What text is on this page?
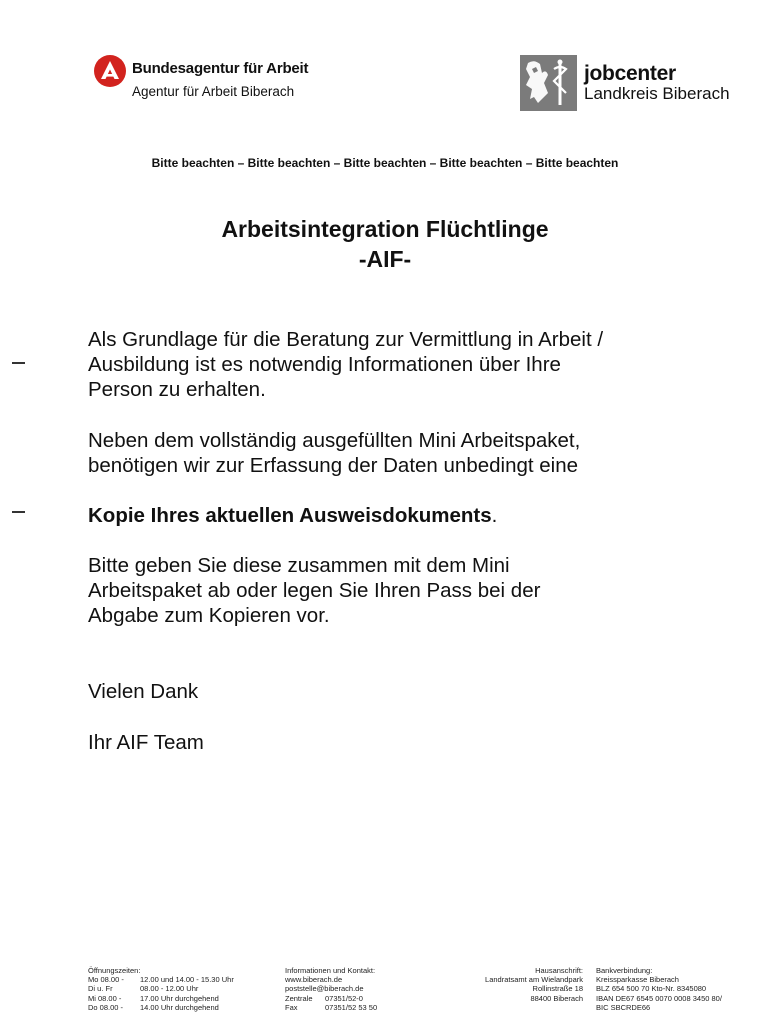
Bundesagentur für Arbeit
Agentur für Arbeit Biberach
jobcenter
Landkreis Biberach
Bitte beachten – Bitte beachten – Bitte beachten – Bitte beachten – Bitte beachten
Arbeitsintegration Flüchtlinge
-AIF-
Als Grundlage für die Beratung zur Vermittlung in Arbeit /
Ausbildung ist es notwendig Informationen über Ihre
Person zu erhalten.
Neben dem vollständig ausgefüllten Mini Arbeitspaket,
benötigen wir zur Erfassung der Daten unbedingt eine
Kopie Ihres aktuellen Ausweisdokuments.
Bitte geben Sie diese zusammen mit dem Mini
Arbeitspaket ab oder legen Sie Ihren Pass bei der
Abgabe zum Kopieren vor.
Vielen Dank
Ihr AIF Team
Öffnungszeiten:
Mo 08.00 - 12.00 und 14.00 - 15.30 Uhr
Di u. Fr	08.00 - 12.00 Uhr
Mi 08.00 - 17.00 Uhr durchgehend
Do 08.00 - 14.00 Uhr durchgehend
Informationen und Kontakt:
www.biberach.de
poststelle@biberach.de
Zentrale 07351/52-0
Fax	07351/52 53 50
Hausanschrift:
Landratsamt am Wielandpark
Rollinstraße 18
88400 Biberach
Bankverbindung:
Kreissparkasse Biberach
BLZ 654 500 70 Kto-Nr. 8345080
IBAN DE67 6545 0070 0008 3450 80/
BIC SBCRDE66
